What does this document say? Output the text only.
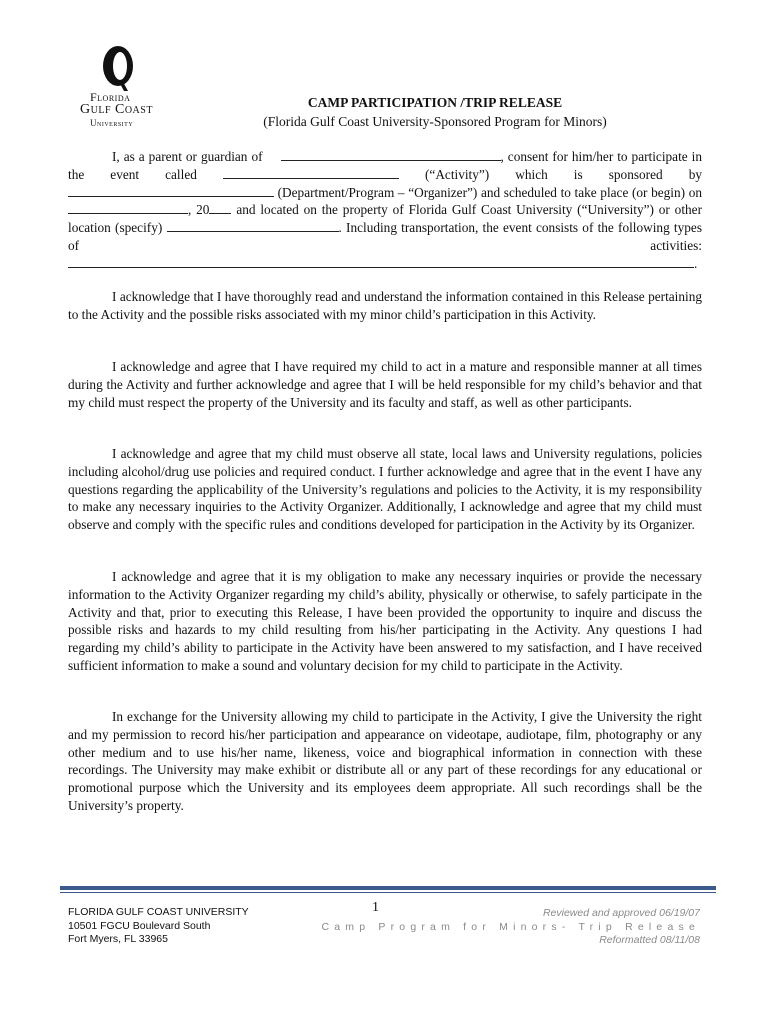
Florida
Gulf Coast
University
CAMP PARTICIPATION /TRIP RELEASE
(Florida Gulf Coast University-Sponsored Program for Minors)

I, as a parent or guardian of	, consent for him/her to participate in the event called	(“Activity”) which is sponsored by  (Department/Program – “Organizer”) and scheduled to take place (or begin) on , 20 and located on the property of Florida Gulf Coast University (“University”) or other location (specify)	. Including transportation, the event consists of the following types of activities: .

I acknowledge that I have thoroughly read and understand the information contained in this Release pertaining to the Activity and the possible risks associated with my minor child’s participation in this Activity.

I acknowledge and agree that I have required my child to act in a mature and responsible manner at all times during the Activity and further acknowledge and agree that I will be held responsible for my child’s behavior and that my child must respect the property of the University and its faculty and staff, as well as other participants.

I acknowledge and agree that my child must observe all state, local laws and University regulations, policies including alcohol/drug use policies and required conduct. I further acknowledge and agree that in the event I have any questions regarding the applicability of the University’s regulations and policies to the Activity, it is my responsibility to make any necessary inquiries to the Activity Organizer. Additionally, I acknowledge and agree that my child must observe and comply with the specific rules and conditions developed for participation in the Activity by its Organizer.

I acknowledge and agree that it is my obligation to make any necessary inquiries or provide the necessary information to the Activity Organizer regarding my child’s ability, physically or otherwise, to safely participate in the Activity and that, prior to executing this Release, I have been provided the opportunity to inquire and discuss the possible risks and hazards to my child resulting from his/her participating in the Activity. Any questions I had regarding my child’s ability to participate in the Activity have been answered to my satisfaction, and I have received sufficient information to make a sound and voluntary decision for my child to participate in the Activity.

In exchange for the University allowing my child to participate in the Activity, I give the University the right and my permission to record his/her participation and appearance on videotape, audiotape, film, photography or any other medium and to use his/her name, likeness, voice and biographical information in connection with these recordings. The University may make exhibit or distribute all or any part of these recordings for any educational or promotional purpose which the University and its employees deem appropriate. All such recordings shall be the University’s property.

FLORIDA GULF COAST UNIVERSITY
10501 FGCU Boulevard South
Fort Myers, FL 33965
1	Reviewed and approved 06/19/07
Camp Program for Minors- Trip Release
Reformatted 08/11/08
